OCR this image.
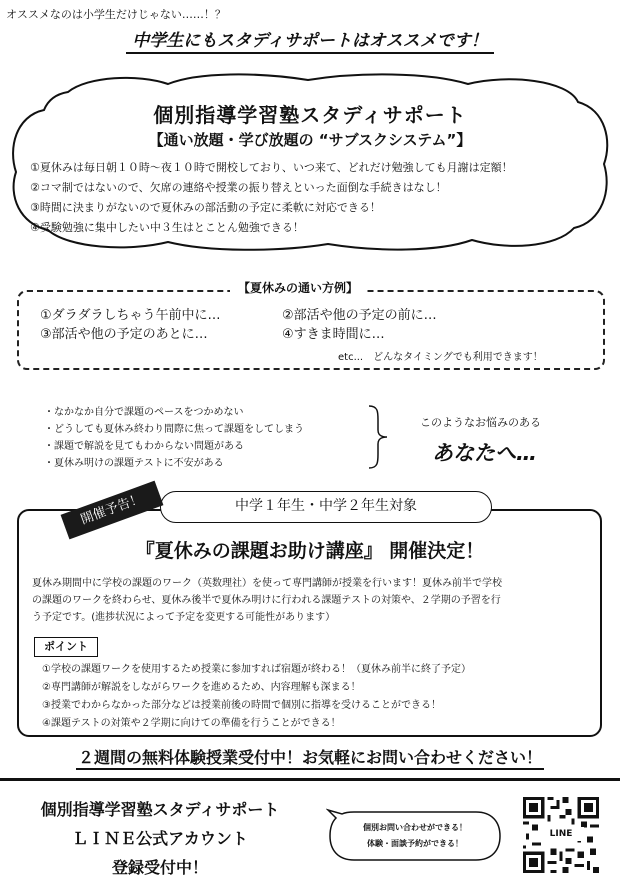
オススメなのは小学生だけじゃない……！？
中学生にもスタディサポートはオススメです！
個別指導学習塾スタディサポート
【通い放題・学び放題の “サブスクシステム”】
①夏休みは毎日朝１０時〜夜１０時で開校しており、いつ来て、どれだけ勉強しても月謝は定額！
②コマ制ではないので、欠席の連絡や授業の振り替えといった面倒な手続きはなし！
③時間に決まりがないので夏休みの部活動の予定に柔軟に対応できる！
④受験勉強に集中したい中３生はとことん勉強できる！
【夏休みの通い方例】
①ダラダラしちゃう午前中に…	②部活や他の予定の前に…
③部活や他の予定のあとに…	④すきま時間に…
etc...　どんなタイミングでも利用できます！
・なかなか自分で課題のペースをつかめない
・どうしても夏休み終わり間際に焦って課題をしてしまう
・課題で解説を見てもわからない問題がある
・夏休み明けの課題テストに不安がある
このようなお悩みのある
あなたへ…
中学１年生・中学２年生対象
開催予告！
『夏休みの課題お助け講座』 開催決定！
夏休み期間中に学校の課題のワーク（英数理社）を使って専門講師が授業を行います！夏休み前半で学校
の課題のワークを終わらせ、夏休み後半で夏休み明けに行われる課題テストの対策や、２学期の予習を行
う予定です。(進捗状況によって予定を変更する可能性があります）
ポイント
①学校の課題ワークを使用するため授業に参加すれば宿題が終わる！（夏休み前半に終了予定）
②専門講師が解説をしながらワークを進めるため、内容理解も深まる！
③授業でわからなかった部分などは授業前後の時間で個別に指導を受けることができる！
④課題テストの対策や２学期に向けての準備を行うことができる！
２週間の無料体験授業受付中！お気軽にお問い合わせください！
個別指導学習塾スタディサポート
ＬＩＮＥ公式アカウント
登録受付中！
個別お問い合わせができる！
体験・面談予約ができる！
LINE
